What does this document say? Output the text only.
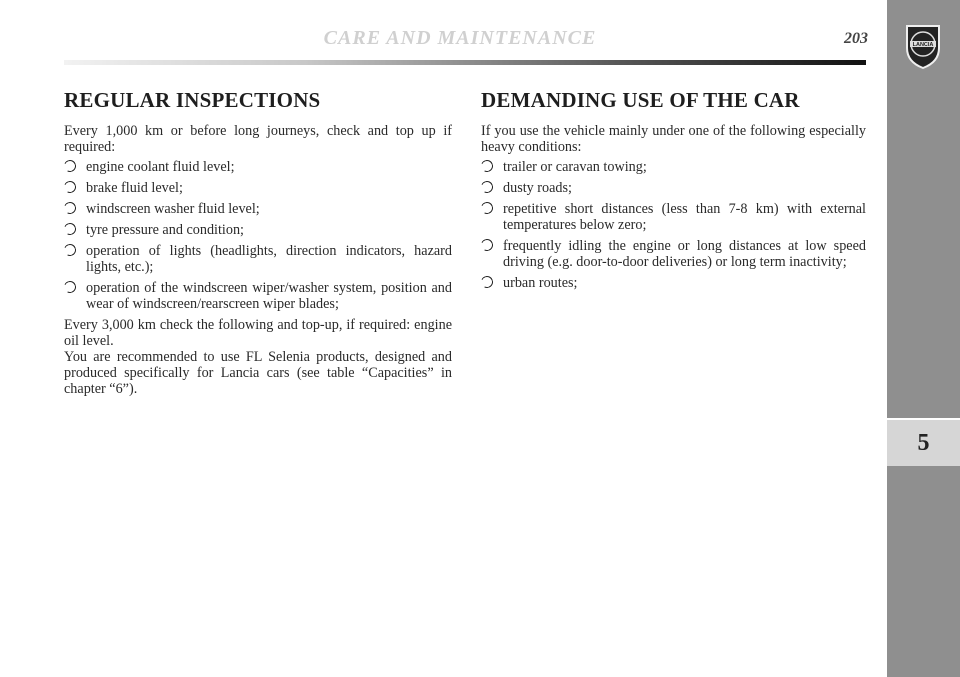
CARE AND MAINTENANCE	203	LANCIA
5
REGULAR INSPECTIONS

Every 1,000 km or before long journeys, check and top up if required:

engine coolant fluid level;
brake fluid level;
windscreen washer fluid level;
tyre pressure and condition;
operation of lights (headlights, direction indicators, hazard lights, etc.);
operation of the windscreen wiper/washer system, position and wear of windscreen/rearscreen wiper blades;

Every 3,000 km check the following and top-up, if required: engine oil level.

You are recommended to use FL Selenia products, designed and produced specifically for Lancia cars (see table “Capacities” in chapter “6”).

DEMANDING USE OF THE CAR

If you use the vehicle mainly under one of the following especially heavy conditions:

trailer or caravan towing;
dusty roads;
repetitive short distances (less than 7-8 km) with external temperatures below zero;
frequently idling the engine or long distances at low speed driving (e.g. door-to-door deliveries) or long term inactivity;
urban routes;
